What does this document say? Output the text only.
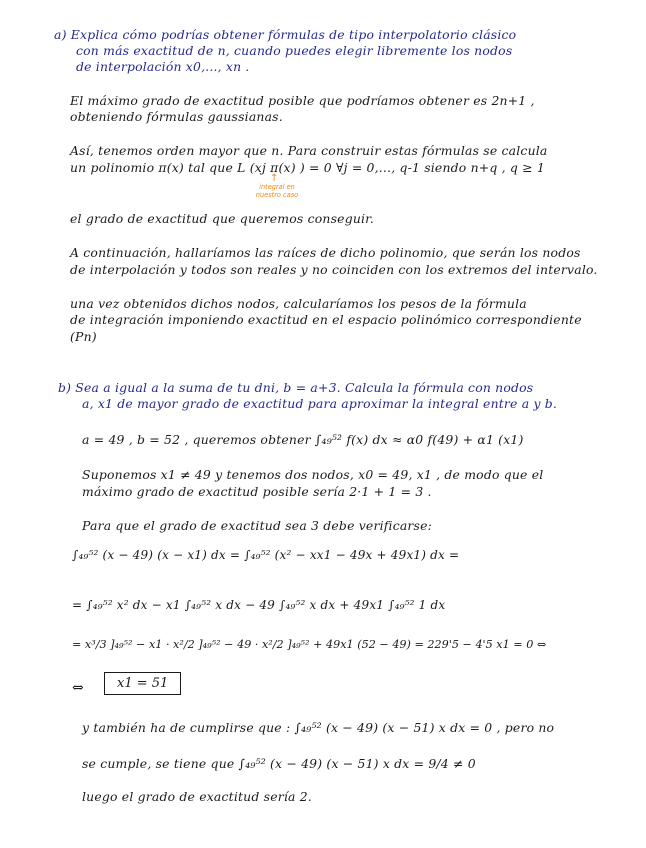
a) Explica cómo podrías obtener fórmulas de tipo interpolatorio clásico
con más exactitud de n, cuando puedes elegir libremente los nodos
de interpolación x0,..., xn .
El máximo grado de exactitud posible que podríamos obtener es 2n+1 ,
obteniendo fórmulas gaussianas.
Así, tenemos orden mayor que n. Para construir estas fórmulas se calcula
un polinomio π(x) tal que L (xj π(x) ) = 0 ∀j = 0,..., q-1 siendo n+q , q ≥ 1
↑
integral en
nuestro caso
el grado de exactitud que queremos conseguir.
A continuación, hallaríamos las raíces de dicho polinomio, que serán los nodos
de interpolación y todos son reales y no coinciden con los extremos del intervalo.
una vez obtenidos dichos nodos, calcularíamos los pesos de la fórmula
de integración imponiendo exactitud en el espacio polinómico correspondiente
(Pn)
b) Sea a igual a la suma de tu dni, b = a+3. Calcula la fórmula con nodos
a, x1 de mayor grado de exactitud para aproximar la integral entre a y b.
a = 49 , b = 52 , queremos obtener ∫₄₉⁵² f(x) dx ≈ α0 f(49) + α1 (x1)
Suponemos x1 ≠ 49 y tenemos dos nodos, x0 = 49, x1 , de modo que el
máximo grado de exactitud posible sería 2·1 + 1 = 3 .
Para que el grado de exactitud sea 3 debe verificarse:
∫₄₉⁵² (x − 49) (x − x1) dx = ∫₄₉⁵² (x² − xx1 − 49x + 49x1) dx =
= ∫₄₉⁵² x² dx − x1 ∫₄₉⁵² x dx − 49 ∫₄₉⁵² x dx + 49x1 ∫₄₉⁵² 1 dx
= x³/3 ]₄₉⁵² − x1 · x²/2 ]₄₉⁵² − 49 · x²/2 ]₄₉⁵² + 49x1 (52 − 49) = 229'5 − 4'5 x1 = 0 ⇔
⇔	x1 = 51
y también ha de cumplirse que : ∫₄₉⁵² (x − 49) (x − 51) x dx = 0 , pero no
se cumple, se tiene que ∫₄₉⁵² (x − 49) (x − 51) x dx = 9/4 ≠ 0
luego el grado de exactitud sería 2.
